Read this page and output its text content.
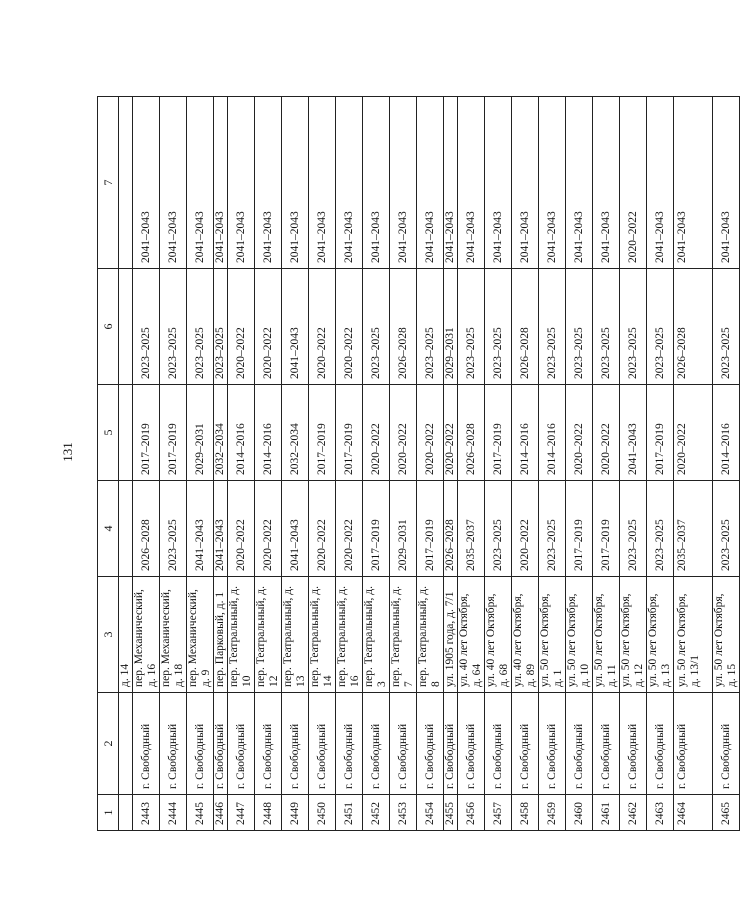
131
1	2	3	4	5	6	7
		д. 14				
2443	г. Свободный	пер. Механический, д. 16	2026–2028	2017–2019	2023–2025	2041–2043
2444	г. Свободный	пер. Механический, д. 18	2023–2025	2017–2019	2023–2025	2041–2043
2445	г. Свободный	пер. Механический, д. 9	2041–2043	2029–2031	2023–2025	2041–2043
2446	г. Свободный	пер. Парковый, д. 1	2041–2043	2032–2034	2023–2025	2041–2043
2447	г. Свободный	пер. Театральный, д. 10	2020–2022	2014–2016	2020–2022	2041–2043
2448	г. Свободный	пер. Театральный, д. 12	2020–2022	2014–2016	2020–2022	2041–2043
2449	г. Свободный	пер. Театральный, д. 13	2041–2043	2032–2034	2041–2043	2041–2043
2450	г. Свободный	пер. Театральный, д. 14	2020–2022	2017–2019	2020–2022	2041–2043
2451	г. Свободный	пер. Театральный, д. 16	2020–2022	2017–2019	2020–2022	2041–2043
2452	г. Свободный	пер. Театральный, д. 3	2017–2019	2020–2022	2023–2025	2041–2043
2453	г. Свободный	пер. Театральный, д. 7	2029–2031	2020–2022	2026–2028	2041–2043
2454	г. Свободный	пер. Театральный, д. 8	2017–2019	2020–2022	2023–2025	2041–2043
2455	г. Свободный	ул. 1905 года, д. 7/1	2026–2028	2020–2022	2029–2031	2041–2043
2456	г. Свободный	ул. 40 лет Октября, д. 64	2035–2037	2026–2028	2023–2025	2041–2043
2457	г. Свободный	ул. 40 лет Октября, д. 68	2023–2025	2017–2019	2023–2025	2041–2043
2458	г. Свободный	ул. 40 лет Октября, д. 89	2020–2022	2014–2016	2026–2028	2041–2043
2459	г. Свободный	ул. 50 лет Октября, д. 1	2023–2025	2014–2016	2023–2025	2041–2043
2460	г. Свободный	ул. 50 лет Октября, д. 10	2017–2019	2020–2022	2023–2025	2041–2043
2461	г. Свободный	ул. 50 лет Октября, д. 11	2017–2019	2020–2022	2023–2025	2041–2043
2462	г. Свободный	ул. 50 лет Октября, д. 12	2023–2025	2041–2043	2023–2025	2020–2022
2463	г. Свободный	ул. 50 лет Октября, д. 13	2023–2025	2017–2019	2023–2025	2041–2043
2464	г. Свободный	ул. 50 лет Октября, д. 13/1	2035–2037	2020–2022	2026–2028	2041–2043
2465	г. Свободный	ул. 50 лет Октября, д. 15	2023–2025	2014–2016	2023–2025	2041–2043
